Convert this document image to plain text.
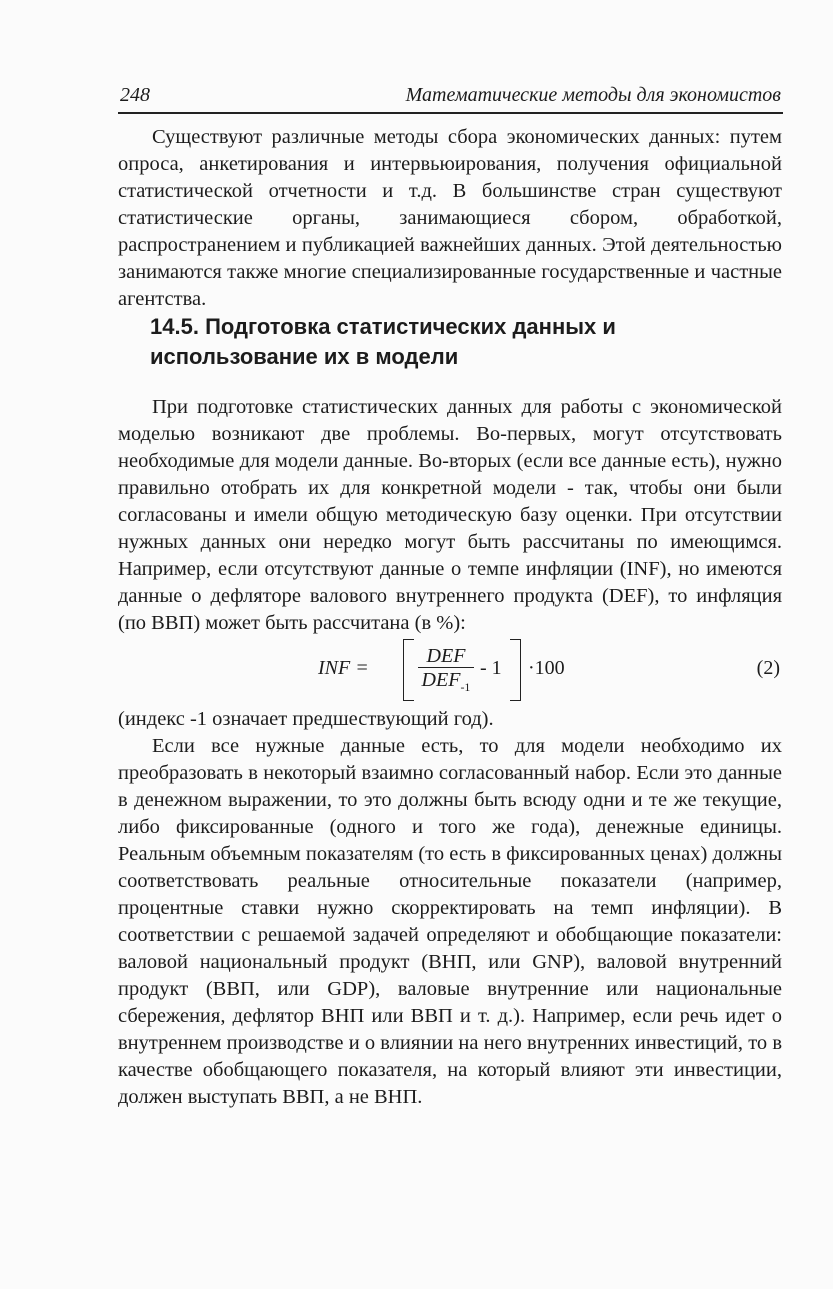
248	Математические методы для экономистов

Существуют различные методы сбора экономических данных: путем опроса, анкетирования и интервьюирования, получения официальной статистической отчетности и т.д. В большинстве стран существуют статистические органы, занимающиеся сбором, обработкой, распространением и публикацией важнейших данных. Этой деятельностью занимаются также многие специализированные государственные и частные агентства.

14.5. Подготовка статистических данных и использование их в модели

При подготовке статистических данных для работы с экономической моделью возникают две проблемы. Во-первых, могут отсутствовать необходимые для модели данные. Во-вторых (если все данные есть), нужно правильно отобрать их для конкретной модели - так, чтобы они были согласованы и имели общую методическую базу оценки. При отсутствии нужных данных они нередко могут быть рассчитаны по имеющимся. Например, если отсутствуют данные о темпе инфляции (INF), но имеются данные о дефляторе валового внутреннего продукта (DEF), то инфляция (по ВВП) может быть рассчитана (в %):

INF =
DEF
$DEF_{-1}$
- 1 ·100	(2)

(индекс -1 означает предшествующий год).

Если все нужные данные есть, то для модели необходимо их преобразовать в некоторый взаимно согласованный набор. Если это данные в денежном выражении, то это должны быть всюду одни и те же текущие, либо фиксированные (одного и того же года), денежные единицы. Реальным объемным показателям (то есть в фиксированных ценах) должны соответствовать реальные относительные показатели (например, процентные ставки нужно скорректировать на темп инфляции). В соответствии с решаемой задачей определяют и обобщающие показатели: валовой национальный продукт (ВНП, или GNP), валовой внутренний продукт (ВВП, или GDP), валовые внутренние или национальные сбережения, дефлятор ВНП или ВВП и т. д.). Например, если речь идет о внутреннем производстве и о влиянии на него внутренних инвестиций, то в качестве обобщающего показателя, на который влияют эти инвестиции, должен выступать ВВП, а не ВНП.
